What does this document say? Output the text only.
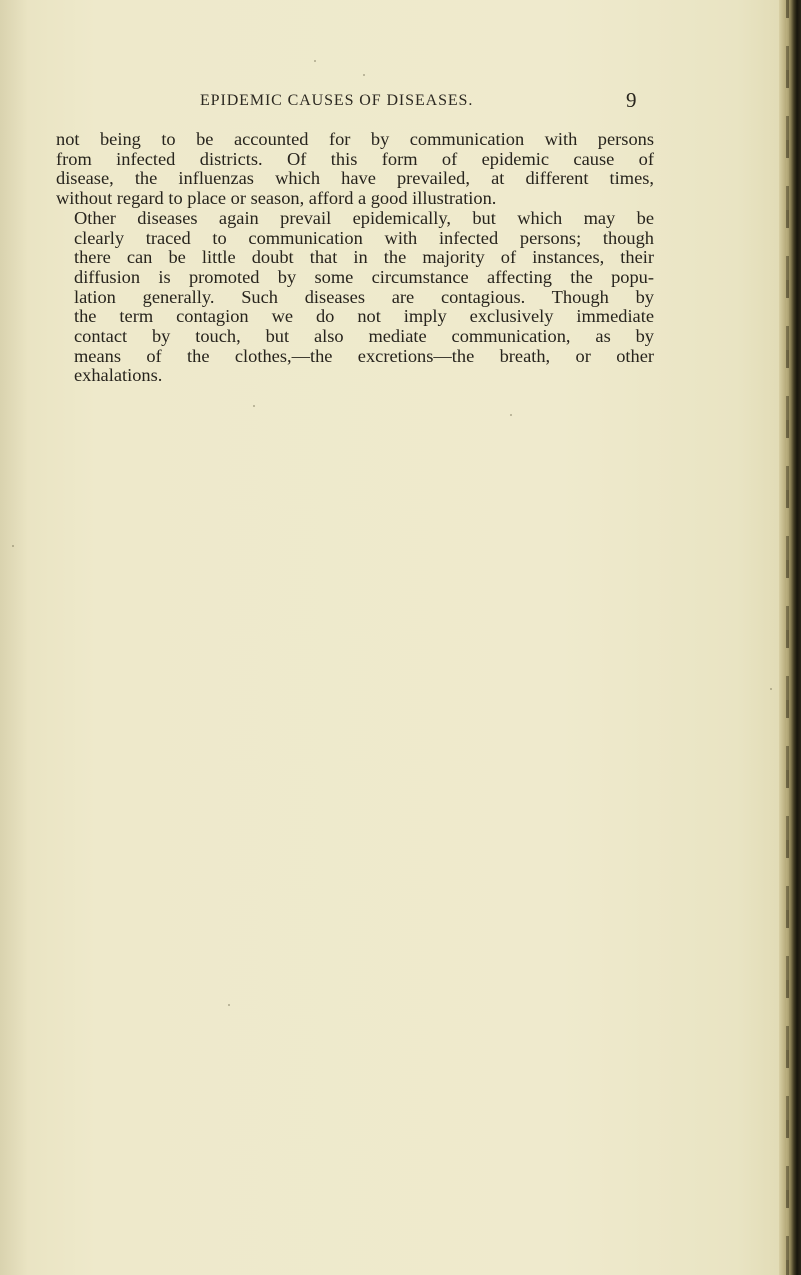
EPIDEMIC CAUSES OF DISEASES.	9

not being to be accounted for by communication with persons
from infected districts. Of this form of epidemic cause of
disease, the influenzas which have prevailed, at different times,
without regard to place or season, afford a good illustration.

Other diseases again prevail epidemically, but which may be
clearly traced to communication with infected persons; though
there can be little doubt that in the majority of instances, their
diffusion is promoted by some circumstance affecting the popu-
lation generally. Such diseases are contagious. Though by
the term contagion we do not imply exclusively immediate
contact by touch, but also mediate communication, as by
means of the clothes,—the excretions—the breath, or other
exhalations.
